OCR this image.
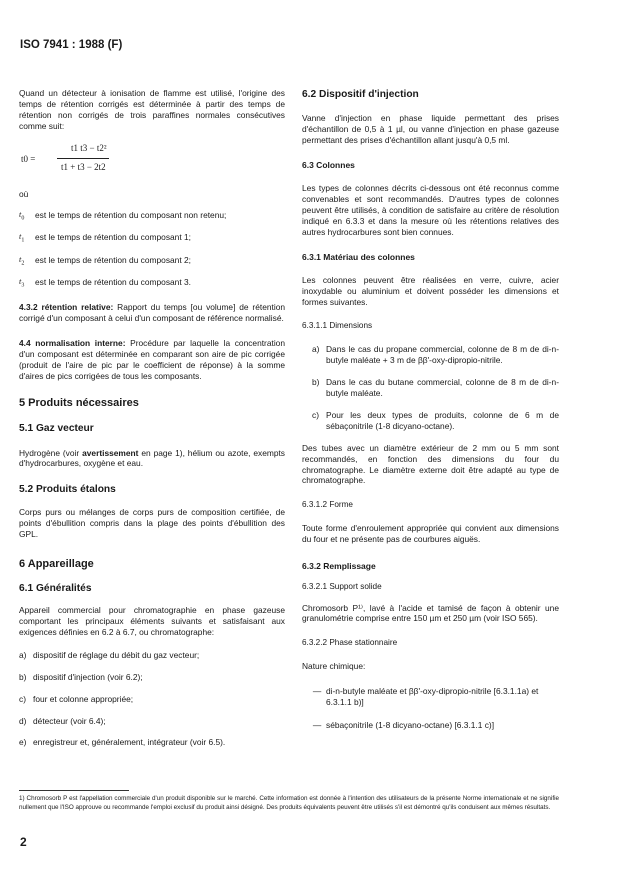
ISO 7941 : 1988 (F)

Quand un détecteur à ionisation de flamme est utilisé, l'origine des temps de rétention corrigés est déterminée à partir des temps de rétention non corrigés de trois paraffines normales consécutives comme suit:

t0 =
t1 t3 − t2²
t1 + t3 − 2t2

où

$t_0$	est le temps de rétention du composant non retenu;
$t_1$	est le temps de rétention du composant 1;
$t_2$	est le temps de rétention du composant 2;
$t_3$	est le temps de rétention du composant 3.

4.3.2 rétention relative: Rapport du temps [ou volume] de rétention corrigé d'un composant à celui d'un composant de référence normalisé.

4.4 normalisation interne: Procédure par laquelle la concentration d'un composant est déterminée en comparant son aire de pic corrigée (produit de l'aire de pic par le coefficient de réponse) à la somme d'aires de pics corrigées de tous les composants.

5 Produits nécessaires
5.1 Gaz vecteur

Hydrogène (voir avertissement en page 1), hélium ou azote, exempts d'hydrocarbures, oxygène et eau.

5.2 Produits étalons

Corps purs ou mélanges de corps purs de composition certifiée, de points d'ébullition compris dans la plage des points d'ébullition des GPL.

6 Appareillage
6.1 Généralités

Appareil commercial pour chromatographie en phase gazeuse comportant les principaux éléments suivants et satisfaisant aux exigences définies en 6.2 à 6.7, ou chromatographe:

a) dispositif de réglage du débit du gaz vecteur;
b) dispositif d'injection (voir 6.2);
c) four et colonne appropriée;
d) détecteur (voir 6.4);
e) enregistreur et, généralement, intégrateur (voir 6.5).
6.2 Dispositif d'injection

Vanne d'injection en phase liquide permettant des prises d'échantillon de 0,5 à 1 µl, ou vanne d'injection en phase gazeuse permettant des prises d'échantillon allant jusqu'à 0,5 ml.

6.3 Colonnes

Les types de colonnes décrits ci-dessous ont été reconnus comme convenables et sont recommandés. D'autres types de colonnes peuvent être utilisés, à condition de satisfaire au critère de résolution indiqué en 6.3.3 et dans la mesure où les rétentions relatives des autres hydrocarbures sont bien connues.

6.3.1 Matériau des colonnes

Les colonnes peuvent être réalisées en verre, cuivre, acier inoxydable ou aluminium et doivent posséder les dimensions et formes suivantes.

6.3.1.1 Dimensions
a) Dans le cas du propane commercial, colonne de 8 m de di-n-butyle maléate + 3 m de ββ'-oxy-dipropio-nitrile.
b) Dans le cas du butane commercial, colonne de 8 m de di-n-butyle maléate.
c) Pour les deux types de produits, colonne de 6 m de sébaçonitrile (1-8 dicyano-octane).

Des tubes avec un diamètre extérieur de 2 mm ou 5 mm sont recommandés, en fonction des dimensions du four du chromatographe. Le diamètre externe doit être adapté au type de chromatographe.

6.3.1.2 Forme

Toute forme d'enroulement appropriée qui convient aux dimensions du four et ne présente pas de courbures aiguës.

6.3.2 Remplissage
6.3.2.1 Support solide

Chromosorb P¹⁾, lavé à l'acide et tamisé de façon à obtenir une granulométrie comprise entre 150 µm et 250 µm (voir ISO 565).

6.3.2.2 Phase stationnaire

Nature chimique:

— di-n-butyle maléate et ββ'-oxy-dipropio-nitrile [6.3.1.1a) et 6.3.1.1 b)]
— sébaçonitrile (1-8 dicyano-octane) [6.3.1.1 c)]
1) Chromosorb P est l'appellation commerciale d'un produit disponible sur le marché. Cette information est donnée à l'intention des utilisateurs de la présente Norme internationale et ne signifie nullement que l'ISO approuve ou recommande l'emploi exclusif du produit ainsi désigné. Des produits équivalents peuvent être utilisés s'il est démontré qu'ils conduisent aux mêmes résultats.
2
